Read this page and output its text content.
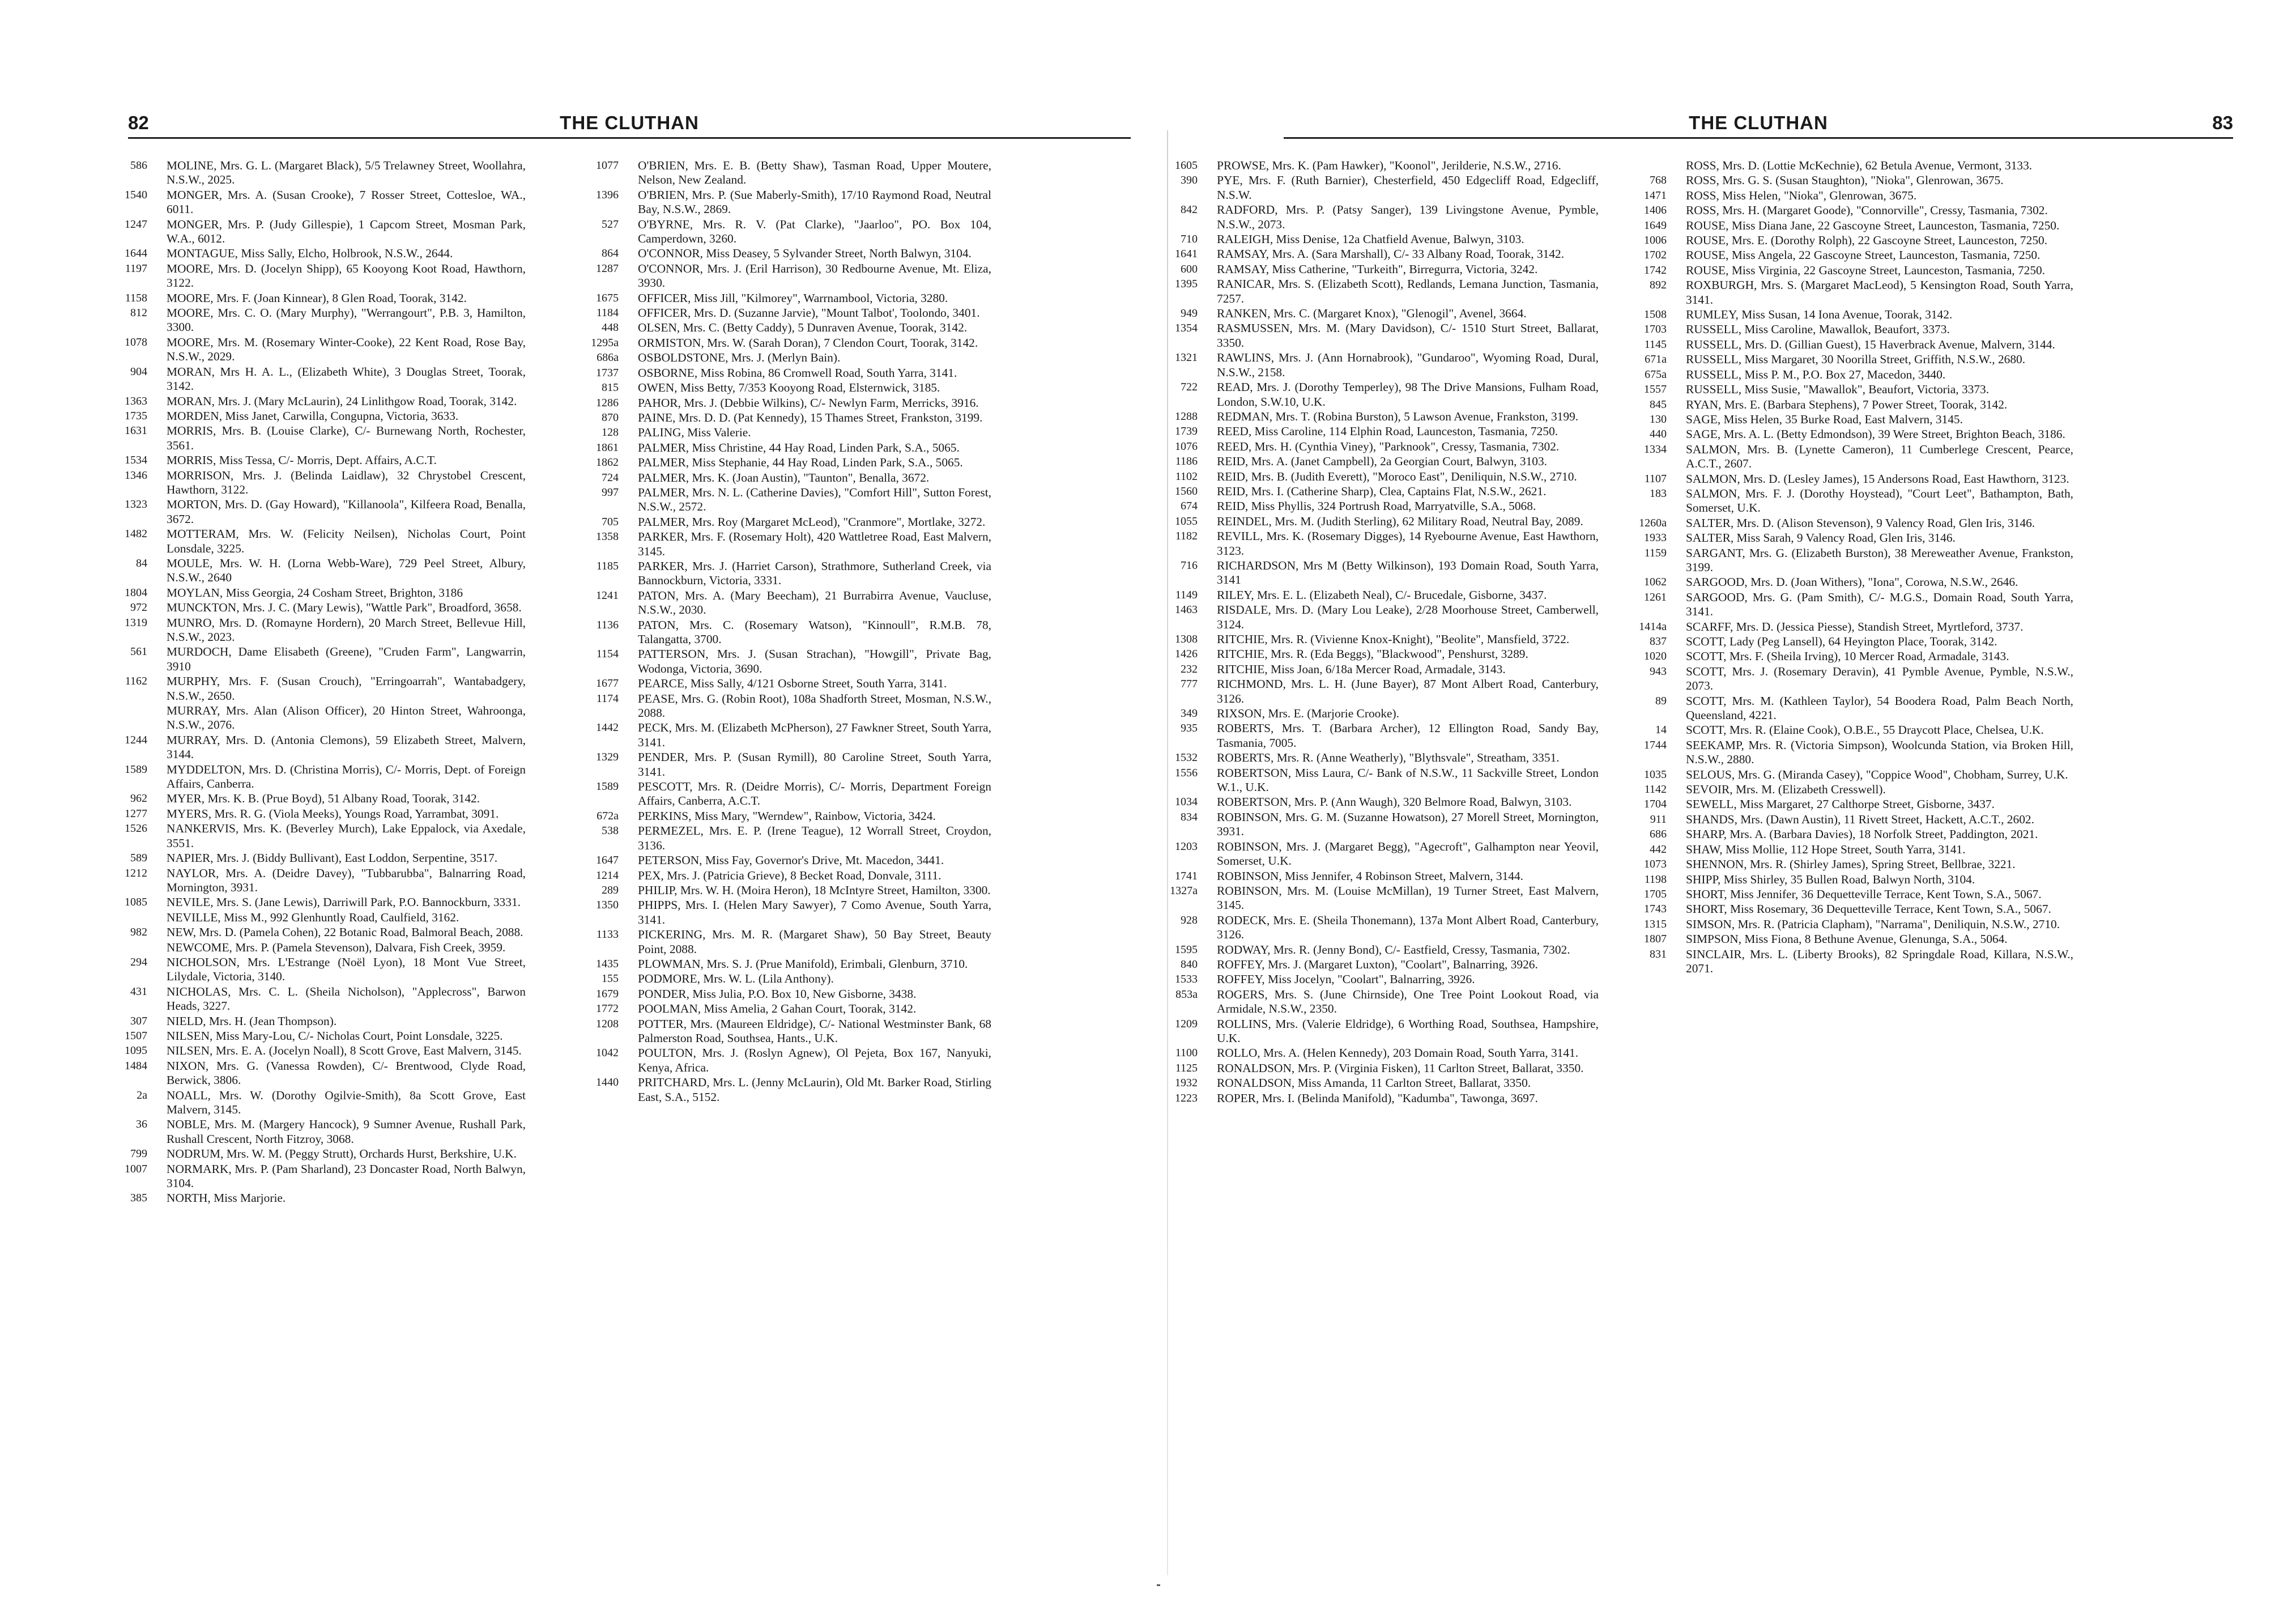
82	THE CLUTHAN
586	MOLINE, Mrs. G. L. (Margaret Black), 5/5 Trelawney Street, Woollahra, N.S.W., 2025.
1540	MONGER, Mrs. A. (Susan Crooke), 7 Rosser Street, Cottesloe, WA., 6011.
1247	MONGER, Mrs. P. (Judy Gillespie), 1 Capcom Street, Mosman Park, W.A., 6012.
1644	MONTAGUE, Miss Sally, Elcho, Holbrook, N.S.W., 2644.
1197	MOORE, Mrs. D. (Jocelyn Shipp), 65 Kooyong Koot Road, Hawthorn, 3122.
1158	MOORE, Mrs. F. (Joan Kinnear), 8 Glen Road, Toorak, 3142.
812	MOORE, Mrs. C. O. (Mary Murphy), "Werrangourt", P.B. 3, Hamilton, 3300.
1078	MOORE, Mrs. M. (Rosemary Winter-Cooke), 22 Kent Road, Rose Bay, N.S.W., 2029.
904	MORAN, Mrs H. A. L., (Elizabeth White), 3 Douglas Street, Toorak, 3142.
1363	MORAN, Mrs. J. (Mary McLaurin), 24 Linlithgow Road, Toorak, 3142.
1735	MORDEN, Miss Janet, Carwilla, Congupna, Victoria, 3633.
1631	MORRIS, Mrs. B. (Louise Clarke), C/- Burnewang North, Rochester, 3561.
1534	MORRIS, Miss Tessa, C/- Morris, Dept. Affairs, A.C.T.
1346	MORRISON, Mrs. J. (Belinda Laidlaw), 32 Chrystobel Crescent, Hawthorn, 3122.
1323	MORTON, Mrs. D. (Gay Howard), "Killanoola", Kilfeera Road, Benalla, 3672.
1482	MOTTERAM, Mrs. W. (Felicity Neilsen), Nicholas Court, Point Lonsdale, 3225.
84	MOULE, Mrs. W. H. (Lorna Webb-Ware), 729 Peel Street, Albury, N.S.W., 2640
1804	MOYLAN, Miss Georgia, 24 Cosham Street, Brighton, 3186
972	MUNCKTON, Mrs. J. C. (Mary Lewis), "Wattle Park", Broadford, 3658.
1319	MUNRO, Mrs. D. (Romayne Hordern), 20 March Street, Bellevue Hill, N.S.W., 2023.
561	MURDOCH, Dame Elisabeth (Greene), "Cruden Farm", Langwarrin, 3910
1162	MURPHY, Mrs. F. (Susan Crouch), "Erringoarrah", Wantabadgery, N.S.W., 2650.
MURRAY, Mrs. Alan (Alison Officer), 20 Hinton Street, Wahroonga, N.S.W., 2076.
1244	MURRAY, Mrs. D. (Antonia Clemons), 59 Elizabeth Street, Malvern, 3144.
1589	MYDDELTON, Mrs. D. (Christina Morris), C/- Morris, Dept. of Foreign Affairs, Canberra.
962	MYER, Mrs. K. B. (Prue Boyd), 51 Albany Road, Toorak, 3142.
1277	MYERS, Mrs. R. G. (Viola Meeks), Youngs Road, Yarrambat, 3091.
1526	NANKERVIS, Mrs. K. (Beverley Murch), Lake Eppalock, via Axedale, 3551.
589	NAPIER, Mrs. J. (Biddy Bullivant), East Loddon, Serpentine, 3517.
1212	NAYLOR, Mrs. A. (Deidre Davey), "Tubbarubba", Balnarring Road, Mornington, 3931.
1085	NEVILE, Mrs. S. (Jane Lewis), Darriwill Park, P.O. Bannockburn, 3331.
NEVILLE, Miss M., 992 Glenhuntly Road, Caulfield, 3162.
982	NEW, Mrs. D. (Pamela Cohen), 22 Botanic Road, Balmoral Beach, 2088.
NEWCOME, Mrs. P. (Pamela Stevenson), Dalvara, Fish Creek, 3959.
294	NICHOLSON, Mrs. L'Estrange (Noël Lyon), 18 Mont Vue Street, Lilydale, Victoria, 3140.
431	NICHOLAS, Mrs. C. L. (Sheila Nicholson), "Applecross", Barwon Heads, 3227.
307	NIELD, Mrs. H. (Jean Thompson).
1507	NILSEN, Miss Mary-Lou, C/- Nicholas Court, Point Lonsdale, 3225.
1095	NILSEN, Mrs. E. A. (Jocelyn Noall), 8 Scott Grove, East Malvern, 3145.
1484	NIXON, Mrs. G. (Vanessa Rowden), C/- Brentwood, Clyde Road, Berwick, 3806.
2a	NOALL, Mrs. W. (Dorothy Ogilvie-Smith), 8a Scott Grove, East Malvern, 3145.
36	NOBLE, Mrs. M. (Margery Hancock), 9 Sumner Avenue, Rushall Park, Rushall Crescent, North Fitzroy, 3068.
799	NODRUM, Mrs. W. M. (Peggy Strutt), Orchards Hurst, Berkshire, U.K.
1007	NORMARK, Mrs. P. (Pam Sharland), 23 Doncaster Road, North Balwyn, 3104.
385	NORTH, Miss Marjorie.
1077	O'BRIEN, Mrs. E. B. (Betty Shaw), Tasman Road, Upper Moutere, Nelson, New Zealand.
1396	O'BRIEN, Mrs. P. (Sue Maberly-Smith), 17/10 Raymond Road, Neutral Bay, N.S.W., 2869.
527	O'BYRNE, Mrs. R. V. (Pat Clarke), "Jaarloo", PO. Box 104, Camperdown, 3260.
864	O'CONNOR, Miss Deasey, 5 Sylvander Street, North Balwyn, 3104.
1287	O'CONNOR, Mrs. J. (Eril Harrison), 30 Redbourne Avenue, Mt. Eliza, 3930.
1675	OFFICER, Miss Jill, "Kilmorey", Warrnambool, Victoria, 3280.
1184	OFFICER, Mrs. D. (Suzanne Jarvie), "Mount Talbot', Toolondo, 3401.
448	OLSEN, Mrs. C. (Betty Caddy), 5 Dunraven Avenue, Toorak, 3142.
1295a	ORMISTON, Mrs. W. (Sarah Doran), 7 Clendon Court, Toorak, 3142.
686a	OSBOLDSTONE, Mrs. J. (Merlyn Bain).
1737	OSBORNE, Miss Robina, 86 Cromwell Road, South Yarra, 3141.
815	OWEN, Miss Betty, 7/353 Kooyong Road, Elsternwick, 3185.
1286	PAHOR, Mrs. J. (Debbie Wilkins), C/- Newlyn Farm, Merricks, 3916.
870	PAINE, Mrs. D. D. (Pat Kennedy), 15 Thames Street, Frankston, 3199.
128	PALING, Miss Valerie.
1861	PALMER, Miss Christine, 44 Hay Road, Linden Park, S.A., 5065.
1862	PALMER, Miss Stephanie, 44 Hay Road, Linden Park, S.A., 5065.
724	PALMER, Mrs. K. (Joan Austin), "Taunton", Benalla, 3672.
997	PALMER, Mrs. N. L. (Catherine Davies), "Comfort Hill", Sutton Forest, N.S.W., 2572.
705	PALMER, Mrs. Roy (Margaret McLeod), "Cranmore", Mortlake, 3272.
1358	PARKER, Mrs. F. (Rosemary Holt), 420 Wattletree Road, East Malvern, 3145.
1185	PARKER, Mrs. J. (Harriet Carson), Strathmore, Sutherland Creek, via Bannockburn, Victoria, 3331.
1241	PATON, Mrs. A. (Mary Beecham), 21 Burrabirra Avenue, Vaucluse, N.S.W., 2030.
1136	PATON, Mrs. C. (Rosemary Watson), "Kinnoull", R.M.B. 78, Talangatta, 3700.
1154	PATTERSON, Mrs. J. (Susan Strachan), "Howgill", Private Bag, Wodonga, Victoria, 3690.
1677	PEARCE, Miss Sally, 4/121 Osborne Street, South Yarra, 3141.
1174	PEASE, Mrs. G. (Robin Root), 108a Shadforth Street, Mosman, N.S.W., 2088.
1442	PECK, Mrs. M. (Elizabeth McPherson), 27 Fawkner Street, South Yarra, 3141.
1329	PENDER, Mrs. P. (Susan Rymill), 80 Caroline Street, South Yarra, 3141.
1589	PESCOTT, Mrs. R. (Deidre Morris), C/- Morris, Department Foreign Affairs, Canberra, A.C.T.
672a	PERKINS, Miss Mary, "Werndew", Rainbow, Victoria, 3424.
538	PERMEZEL, Mrs. E. P. (Irene Teague), 12 Worrall Street, Croydon, 3136.
1647	PETERSON, Miss Fay, Governor's Drive, Mt. Macedon, 3441.
1214	PEX, Mrs. J. (Patricia Grieve), 8 Becket Road, Donvale, 3111.
289	PHILIP, Mrs. W. H. (Moira Heron), 18 McIntyre Street, Hamilton, 3300.
1350	PHIPPS, Mrs. I. (Helen Mary Sawyer), 7 Como Avenue, South Yarra, 3141.
1133	PICKERING, Mrs. M. R. (Margaret Shaw), 50 Bay Street, Beauty Point, 2088.
1435	PLOWMAN, Mrs. S. J. (Prue Manifold), Erimbali, Glenburn, 3710.
155	PODMORE, Mrs. W. L. (Lila Anthony).
1679	PONDER, Miss Julia, P.O. Box 10, New Gisborne, 3438.
1772	POOLMAN, Miss Amelia, 2 Gahan Court, Toorak, 3142.
1208	POTTER, Mrs. (Maureen Eldridge), C/- National Westminster Bank, 68 Palmerston Road, Southsea, Hants., U.K.
1042	POULTON, Mrs. J. (Roslyn Agnew), Ol Pejeta, Box 167, Nanyuki, Kenya, Africa.
1440	PRITCHARD, Mrs. L. (Jenny McLaurin), Old Mt. Barker Road, Stirling East, S.A., 5152.
THE CLUTHAN	83
1605	PROWSE, Mrs. K. (Pam Hawker), "Koonol", Jerilderie, N.S.W., 2716.
390	PYE, Mrs. F. (Ruth Barnier), Chesterfield, 450 Edgecliff Road, Edgecliff, N.S.W.
842	RADFORD, Mrs. P. (Patsy Sanger), 139 Livingstone Avenue, Pymble, N.S.W., 2073.
710	RALEIGH, Miss Denise, 12a Chatfield Avenue, Balwyn, 3103.
1641	RAMSAY, Mrs. A. (Sara Marshall), C/- 33 Albany Road, Toorak, 3142.
600	RAMSAY, Miss Catherine, "Turkeith", Birregurra, Victoria, 3242.
1395	RANICAR, Mrs. S. (Elizabeth Scott), Redlands, Lemana Junction, Tasmania, 7257.
949	RANKEN, Mrs. C. (Margaret Knox), "Glenogil", Avenel, 3664.
1354	RASMUSSEN, Mrs. M. (Mary Davidson), C/- 1510 Sturt Street, Ballarat, 3350.
1321	RAWLINS, Mrs. J. (Ann Hornabrook), "Gundaroo", Wyoming Road, Dural, N.S.W., 2158.
722	READ, Mrs. J. (Dorothy Temperley), 98 The Drive Mansions, Fulham Road, London, S.W.10, U.K.
1288	REDMAN, Mrs. T. (Robina Burston), 5 Lawson Avenue, Frankston, 3199.
1739	REED, Miss Caroline, 114 Elphin Road, Launceston, Tasmania, 7250.
1076	REED, Mrs. H. (Cynthia Viney), "Parknook", Cressy, Tasmania, 7302.
1186	REID, Mrs. A. (Janet Campbell), 2a Georgian Court, Balwyn, 3103.
1102	REID, Mrs. B. (Judith Everett), "Moroco East", Deniliquin, N.S.W., 2710.
1560	REID, Mrs. I. (Catherine Sharp), Clea, Captains Flat, N.S.W., 2621.
674	REID, Miss Phyllis, 324 Portrush Road, Marryatville, S.A., 5068.
1055	REINDEL, Mrs. M. (Judith Sterling), 62 Military Road, Neutral Bay, 2089.
1182	REVILL, Mrs. K. (Rosemary Digges), 14 Ryebourne Avenue, East Hawthorn, 3123.
716	RICHARDSON, Mrs M (Betty Wilkinson), 193 Domain Road, South Yarra, 3141
1149	RILEY, Mrs. E. L. (Elizabeth Neal), C/- Brucedale, Gisborne, 3437.
1463	RISDALE, Mrs. D. (Mary Lou Leake), 2/28 Moorhouse Street, Camberwell, 3124.
1308	RITCHIE, Mrs. R. (Vivienne Knox-Knight), "Beolite", Mansfield, 3722.
1426	RITCHIE, Mrs. R. (Eda Beggs), "Blackwood", Penshurst, 3289.
232	RITCHIE, Miss Joan, 6/18a Mercer Road, Armadale, 3143.
777	RICHMOND, Mrs. L. H. (June Bayer), 87 Mont Albert Road, Canterbury, 3126.
349	RIXSON, Mrs. E. (Marjorie Crooke).
935	ROBERTS, Mrs. T. (Barbara Archer), 12 Ellington Road, Sandy Bay, Tasmania, 7005.
1532	ROBERTS, Mrs. R. (Anne Weatherly), "Blythsvale", Streatham, 3351.
1556	ROBERTSON, Miss Laura, C/- Bank of N.S.W., 11 Sackville Street, London W.1., U.K.
1034	ROBERTSON, Mrs. P. (Ann Waugh), 320 Belmore Road, Balwyn, 3103.
834	ROBINSON, Mrs. G. M. (Suzanne Howatson), 27 Morell Street, Mornington, 3931.
1203	ROBINSON, Mrs. J. (Margaret Begg), "Agecroft", Galhampton near Yeovil, Somerset, U.K.
1741	ROBINSON, Miss Jennifer, 4 Robinson Street, Malvern, 3144.
1327a	ROBINSON, Mrs. M. (Louise McMillan), 19 Turner Street, East Malvern, 3145.
928	RODECK, Mrs. E. (Sheila Thonemann), 137a Mont Albert Road, Canterbury, 3126.
1595	RODWAY, Mrs. R. (Jenny Bond), C/- Eastfield, Cressy, Tasmania, 7302.
840	ROFFEY, Mrs. J. (Margaret Luxton), "Coolart", Balnarring, 3926.
1533	ROFFEY, Miss Jocelyn, "Coolart", Balnarring, 3926.
853a	ROGERS, Mrs. S. (June Chirnside), One Tree Point Lookout Road, via Armidale, N.S.W., 2350.
1209	ROLLINS, Mrs. (Valerie Eldridge), 6 Worthing Road, Southsea, Hampshire, U.K.
1100	ROLLO, Mrs. A. (Helen Kennedy), 203 Domain Road, South Yarra, 3141.
1125	RONALDSON, Mrs. P. (Virginia Fisken), 11 Carlton Street, Ballarat, 3350.
1932	RONALDSON, Miss Amanda, 11 Carlton Street, Ballarat, 3350.
1223	ROPER, Mrs. I. (Belinda Manifold), "Kadumba", Tawonga, 3697.
ROSS, Mrs. D. (Lottie McKechnie), 62 Betula Avenue, Vermont, 3133.
768	ROSS, Mrs. G. S. (Susan Staughton), "Nioka", Glenrowan, 3675.
1471	ROSS, Miss Helen, "Nioka", Glenrowan, 3675.
1406	ROSS, Mrs. H. (Margaret Goode), "Connorville", Cressy, Tasmania, 7302.
1649	ROUSE, Miss Diana Jane, 22 Gascoyne Street, Launceston, Tasmania, 7250.
1006	ROUSE, Mrs. E. (Dorothy Rolph), 22 Gascoyne Street, Launceston, 7250.
1702	ROUSE, Miss Angela, 22 Gascoyne Street, Launceston, Tasmania, 7250.
1742	ROUSE, Miss Virginia, 22 Gascoyne Street, Launceston, Tasmania, 7250.
892	ROXBURGH, Mrs. S. (Margaret MacLeod), 5 Kensington Road, South Yarra, 3141.
1508	RUMLEY, Miss Susan, 14 Iona Avenue, Toorak, 3142.
1703	RUSSELL, Miss Caroline, Mawallok, Beaufort, 3373.
1145	RUSSELL, Mrs. D. (Gillian Guest), 15 Haverbrack Avenue, Malvern, 3144.
671a	RUSSELL, Miss Margaret, 30 Noorilla Street, Griffith, N.S.W., 2680.
675a	RUSSELL, Miss P. M., P.O. Box 27, Macedon, 3440.
1557	RUSSELL, Miss Susie, "Mawallok", Beaufort, Victoria, 3373.
845	RYAN, Mrs. E. (Barbara Stephens), 7 Power Street, Toorak, 3142.
130	SAGE, Miss Helen, 35 Burke Road, East Malvern, 3145.
440	SAGE, Mrs. A. L. (Betty Edmondson), 39 Were Street, Brighton Beach, 3186.
1334	SALMON, Mrs. B. (Lynette Cameron), 11 Cumberlege Crescent, Pearce, A.C.T., 2607.
1107	SALMON, Mrs. D. (Lesley James), 15 Andersons Road, East Hawthorn, 3123.
183	SALMON, Mrs. F. J. (Dorothy Hoystead), "Court Leet", Bathampton, Bath, Somerset, U.K.
1260a	SALTER, Mrs. D. (Alison Stevenson), 9 Valency Road, Glen Iris, 3146.
1933	SALTER, Miss Sarah, 9 Valency Road, Glen Iris, 3146.
1159	SARGANT, Mrs. G. (Elizabeth Burston), 38 Mereweather Avenue, Frankston, 3199.
1062	SARGOOD, Mrs. D. (Joan Withers), "Iona", Corowa, N.S.W., 2646.
1261	SARGOOD, Mrs. G. (Pam Smith), C/- M.G.S., Domain Road, South Yarra, 3141.
1414a	SCARFF, Mrs. D. (Jessica Piesse), Standish Street, Myrtleford, 3737.
837	SCOTT, Lady (Peg Lansell), 64 Heyington Place, Toorak, 3142.
1020	SCOTT, Mrs. F. (Sheila Irving), 10 Mercer Road, Armadale, 3143.
943	SCOTT, Mrs. J. (Rosemary Deravin), 41 Pymble Avenue, Pymble, N.S.W., 2073.
89	SCOTT, Mrs. M. (Kathleen Taylor), 54 Boodera Road, Palm Beach North, Queensland, 4221.
14	SCOTT, Mrs. R. (Elaine Cook), O.B.E., 55 Draycott Place, Chelsea, U.K.
1744	SEEKAMP, Mrs. R. (Victoria Simpson), Woolcunda Station, via Broken Hill, N.S.W., 2880.
1035	SELOUS, Mrs. G. (Miranda Casey), "Coppice Wood", Chobham, Surrey, U.K.
1142	SEVOIR, Mrs. M. (Elizabeth Cresswell).
1704	SEWELL, Miss Margaret, 27 Calthorpe Street, Gisborne, 3437.
911	SHANDS, Mrs. (Dawn Austin), 11 Rivett Street, Hackett, A.C.T., 2602.
686	SHARP, Mrs. A. (Barbara Davies), 18 Norfolk Street, Paddington, 2021.
442	SHAW, Miss Mollie, 112 Hope Street, South Yarra, 3141.
1073	SHENNON, Mrs. R. (Shirley James), Spring Street, Bellbrae, 3221.
1198	SHIPP, Miss Shirley, 35 Bullen Road, Balwyn North, 3104.
1705	SHORT, Miss Jennifer, 36 Dequetteville Terrace, Kent Town, S.A., 5067.
1743	SHORT, Miss Rosemary, 36 Dequetteville Terrace, Kent Town, S.A., 5067.
1315	SIMSON, Mrs. R. (Patricia Clapham), "Narrama", Deniliquin, N.S.W., 2710.
1807	SIMPSON, Miss Fiona, 8 Bethune Avenue, Glenunga, S.A., 5064.
831	SINCLAIR, Mrs. L. (Liberty Brooks), 82 Springdale Road, Killara, N.S.W., 2071.
